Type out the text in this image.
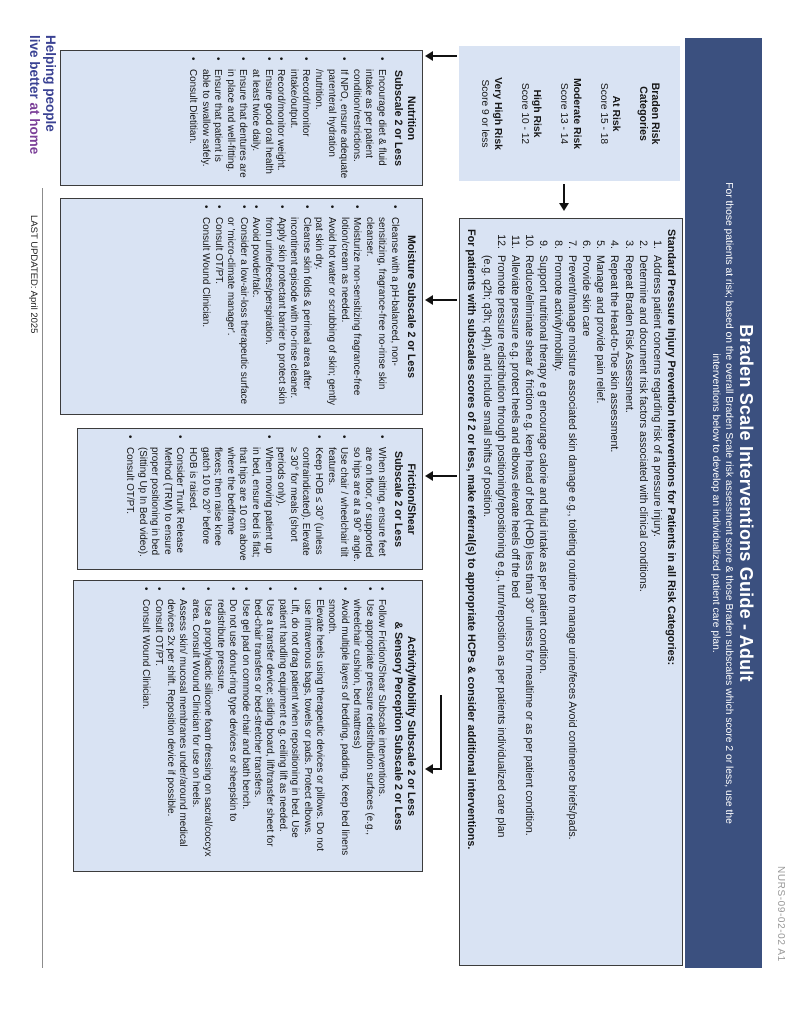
NURS-09-02-02 A1
Braden Scale Interventions Guide - Adult
For those patients at risk; based on the overall Braden Scale risk assessment score & those Braden subscales which score 2 or less, use the
interventions below to develop an individualized patient care plan.
Braden Risk
Categories
At Risk
Score 15 - 18
Moderate Risk
Score 13 - 14
High Risk
Score 10 - 12
Very High Risk
Score 9 or less
Standard Pressure Injury Prevention Interventions for Patients in all Risk Categories:
1.
Address patient concerns regarding risk of a pressure injury.
2.
Determine and document risk factors associated with clinical conditions.
3.
Repeat Braden Risk Assessment.
4.
Repeat the Head-to-Toe skin assessment.
5.
Manage and provide pain relief.
6.
Provide skin care
7.
Prevent/manage moisture associated skin damage e.g., toileting routine to manage urine/feces Avoid continence briefs/pads.
8.
Promote activity/mobility.
9.
Support nutritional therapy e g encourage calorie and fluid intake as per patient condition.
10.
Reduce/eliminate shear & friction e.g. keep head of bed (HOB) less than 30° unless for mealtime or as per patient condition.
11.
Alleviate pressure e.g. protect heels and elbows elevate heels off the bed
12.
Promote pressure redistribution through positioning/repositioning e.g., turn/reposition as per patients individualized care plan
(e.g. q2h; q3h; q4h), and include small shifts of position.
For patients with subscales scores of 2 or less, make referral(s) to appropriate HCPs & consider additional interventions.
Nutrition
Subscale 2 or Less
•
Encourage diet & fluid intake as per patient condition/restrictions.
•
If NPO, ensure adequate parenteral hydration /nutrition.
•
Record/monitor intake/output.
•
Record/monitor weight.
•
Ensure good oral health at least twice daily.
•
Ensure that dentures are in place and well-fitting.
•
Ensure that patient is able to swallow safely.
•
Consult Dietitian.
Moisture Subscale 2 or Less
•
Cleanse with a pH-balanced, non-sensitizing, fragrance-free no-rinse skin cleanser.
•
Moisturize non-sensitizing fragrance-free lotion/cream as needed.
•
Avoid hot water or scrubbing of skin; gently pat skin dry.
•
Cleanse skin folds & perineal area after incontinent episode with no-rinse cleaner.
•
Apply skin protectant barrier to protect skin from urine/feces/perspiration.
•
Avoid powder/talc.
•
Consider a low-air-loss therapeutic surface or 'micro-climate manager'.
•
Consult OT/PT.
•
Consult Wound Clinician.
Friction/Shear
Subscale 2 or Less
•
When sitting, ensure feet are on floor, or supported so hips are at a 90° angle.
•
Use chair / wheelchair tilt features.
•
Keep HOB ≤ 30° (unless contraindicated). Elevate ≥ 30° for meals (short periods only).
•
When moving patient up in bed, ensure bed is flat; that hips are 10 cm above where the bedframe flexes; then raise knee gatch 10 to 20° before HOB is raised.
•
Consider Trunk Release Method (TRM) to ensure proper positioning in bed (Sitting Up In Bed video).
•
Consult OT/PT.
Activity/Mobility Subscale 2 or Less
& Sensory Perception Subscale 2 or Less
•
Follow Friction/Shear Subscale interventions.
•
Use appropriate pressure redistribution surfaces (e.g., wheelchair cushion, bed mattress)
•
Avoid multiple layers of bedding, padding. Keep bed linens smooth.
•
Elevate heels using therapeutic devices or pillows. Do not use intravenous bags, towels or pads. Protect elbows.
•
Lift, do not drag patient when repositioning in bed. Use patient handling equipment e.g. ceiling lift as needed.
•
Use a transfer device; sliding board, lift/transfer sheet for bed-chair transfers or bed-stretcher transfers.
•
Use gel pad on commode chair and bath bench.
•
Do not use donut-ring type devices or sheepskin to redistribute pressure.
•
Use a prophylactic silicone foam dressing on sacral/coccyx area. Consult Wound Clinician for use on heels.
•
Assess skin/ mucosal membranes under/around medical devices 2x per shift. Reposition device if possible.
•
Consult OT/PT.
•
Consult Wound Clinician.
Helping people
live better at home
LAST UPDATED: April 2025
